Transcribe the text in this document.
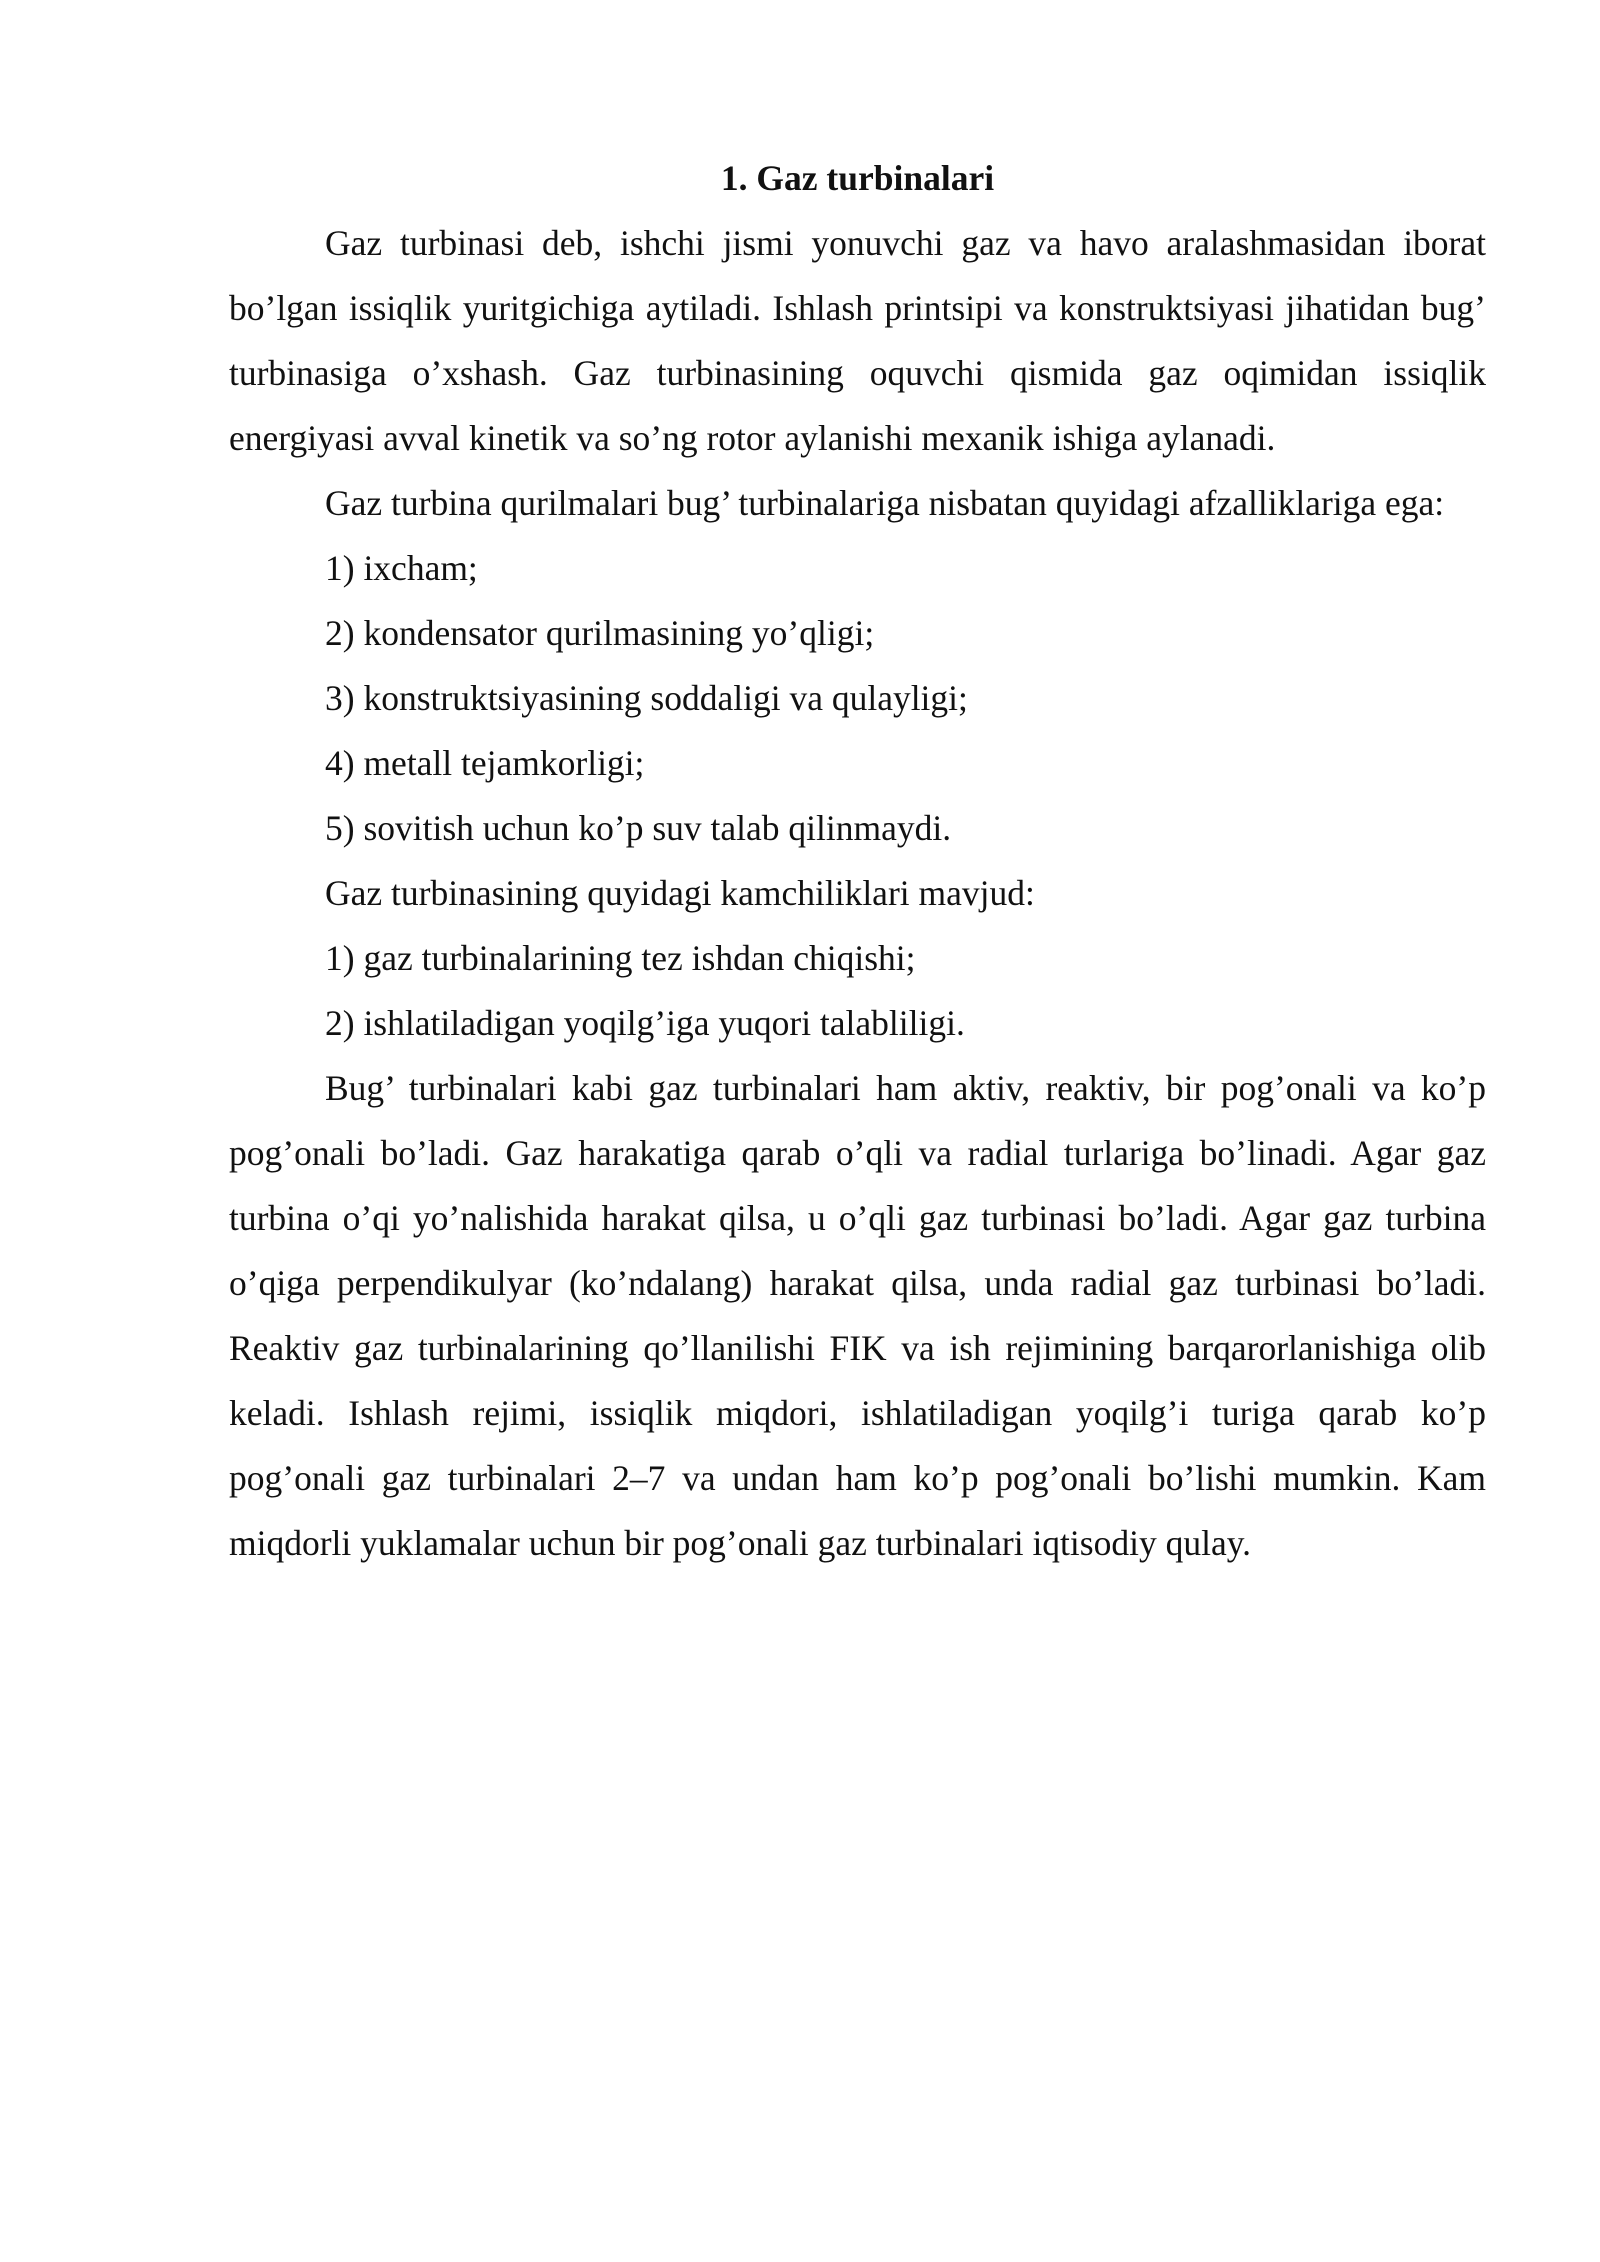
1. Gaz turbinalari

Gaz turbinasi deb, ishchi jismi yonuvchi gaz va havo aralashmasidan iborat bo’lgan issiqlik yuritgichiga aytiladi. Ishlash printsipi va konstruktsiyasi jihatidan bug’ turbinasiga o’xshash. Gaz turbinasining oquvchi qismida gaz oqimidan issiqlik energiyasi avval kinetik va so’ng rotor aylanishi mexanik ishiga aylanadi.

Gaz turbina qurilmalari bug’ turbinalariga nisbatan quyidagi afzalliklariga ega:

1) ixcham;

2) kondensator qurilmasining yo’qligi;

3) konstruktsiyasining soddaligi va qulayligi;

4) metall tejamkorligi;

5) sovitish uchun ko’p suv talab qilinmaydi.

Gaz turbinasining quyidagi kamchiliklari mavjud:

1) gaz turbinalarining tez ishdan chiqishi;

2) ishlatiladigan yoqilg’iga yuqori talabliligi.

Bug’ turbinalari kabi gaz turbinalari ham aktiv, reaktiv, bir pog’onali va ko’p pog’onali bo’ladi. Gaz harakatiga qarab o’qli va radial turlariga bo’linadi. Agar gaz turbina o’qi yo’nalishida harakat qilsa, u o’qli gaz turbinasi bo’ladi. Agar gaz turbina o’qiga perpendikulyar (ko’ndalang) harakat qilsa, unda radial gaz turbinasi bo’ladi. Reaktiv gaz turbinalarining qo’llanilishi FIK va ish rejimining barqarorlanishiga olib keladi. Ishlash rejimi, issiqlik miqdori, ishlatiladigan yoqilg’i turiga qarab ko’p pog’onali gaz turbinalari 2–7 va undan ham ko’p pog’onali bo’lishi mumkin. Kam miqdorli yuklamalar uchun bir pog’onali gaz turbinalari iqtisodiy qulay.
